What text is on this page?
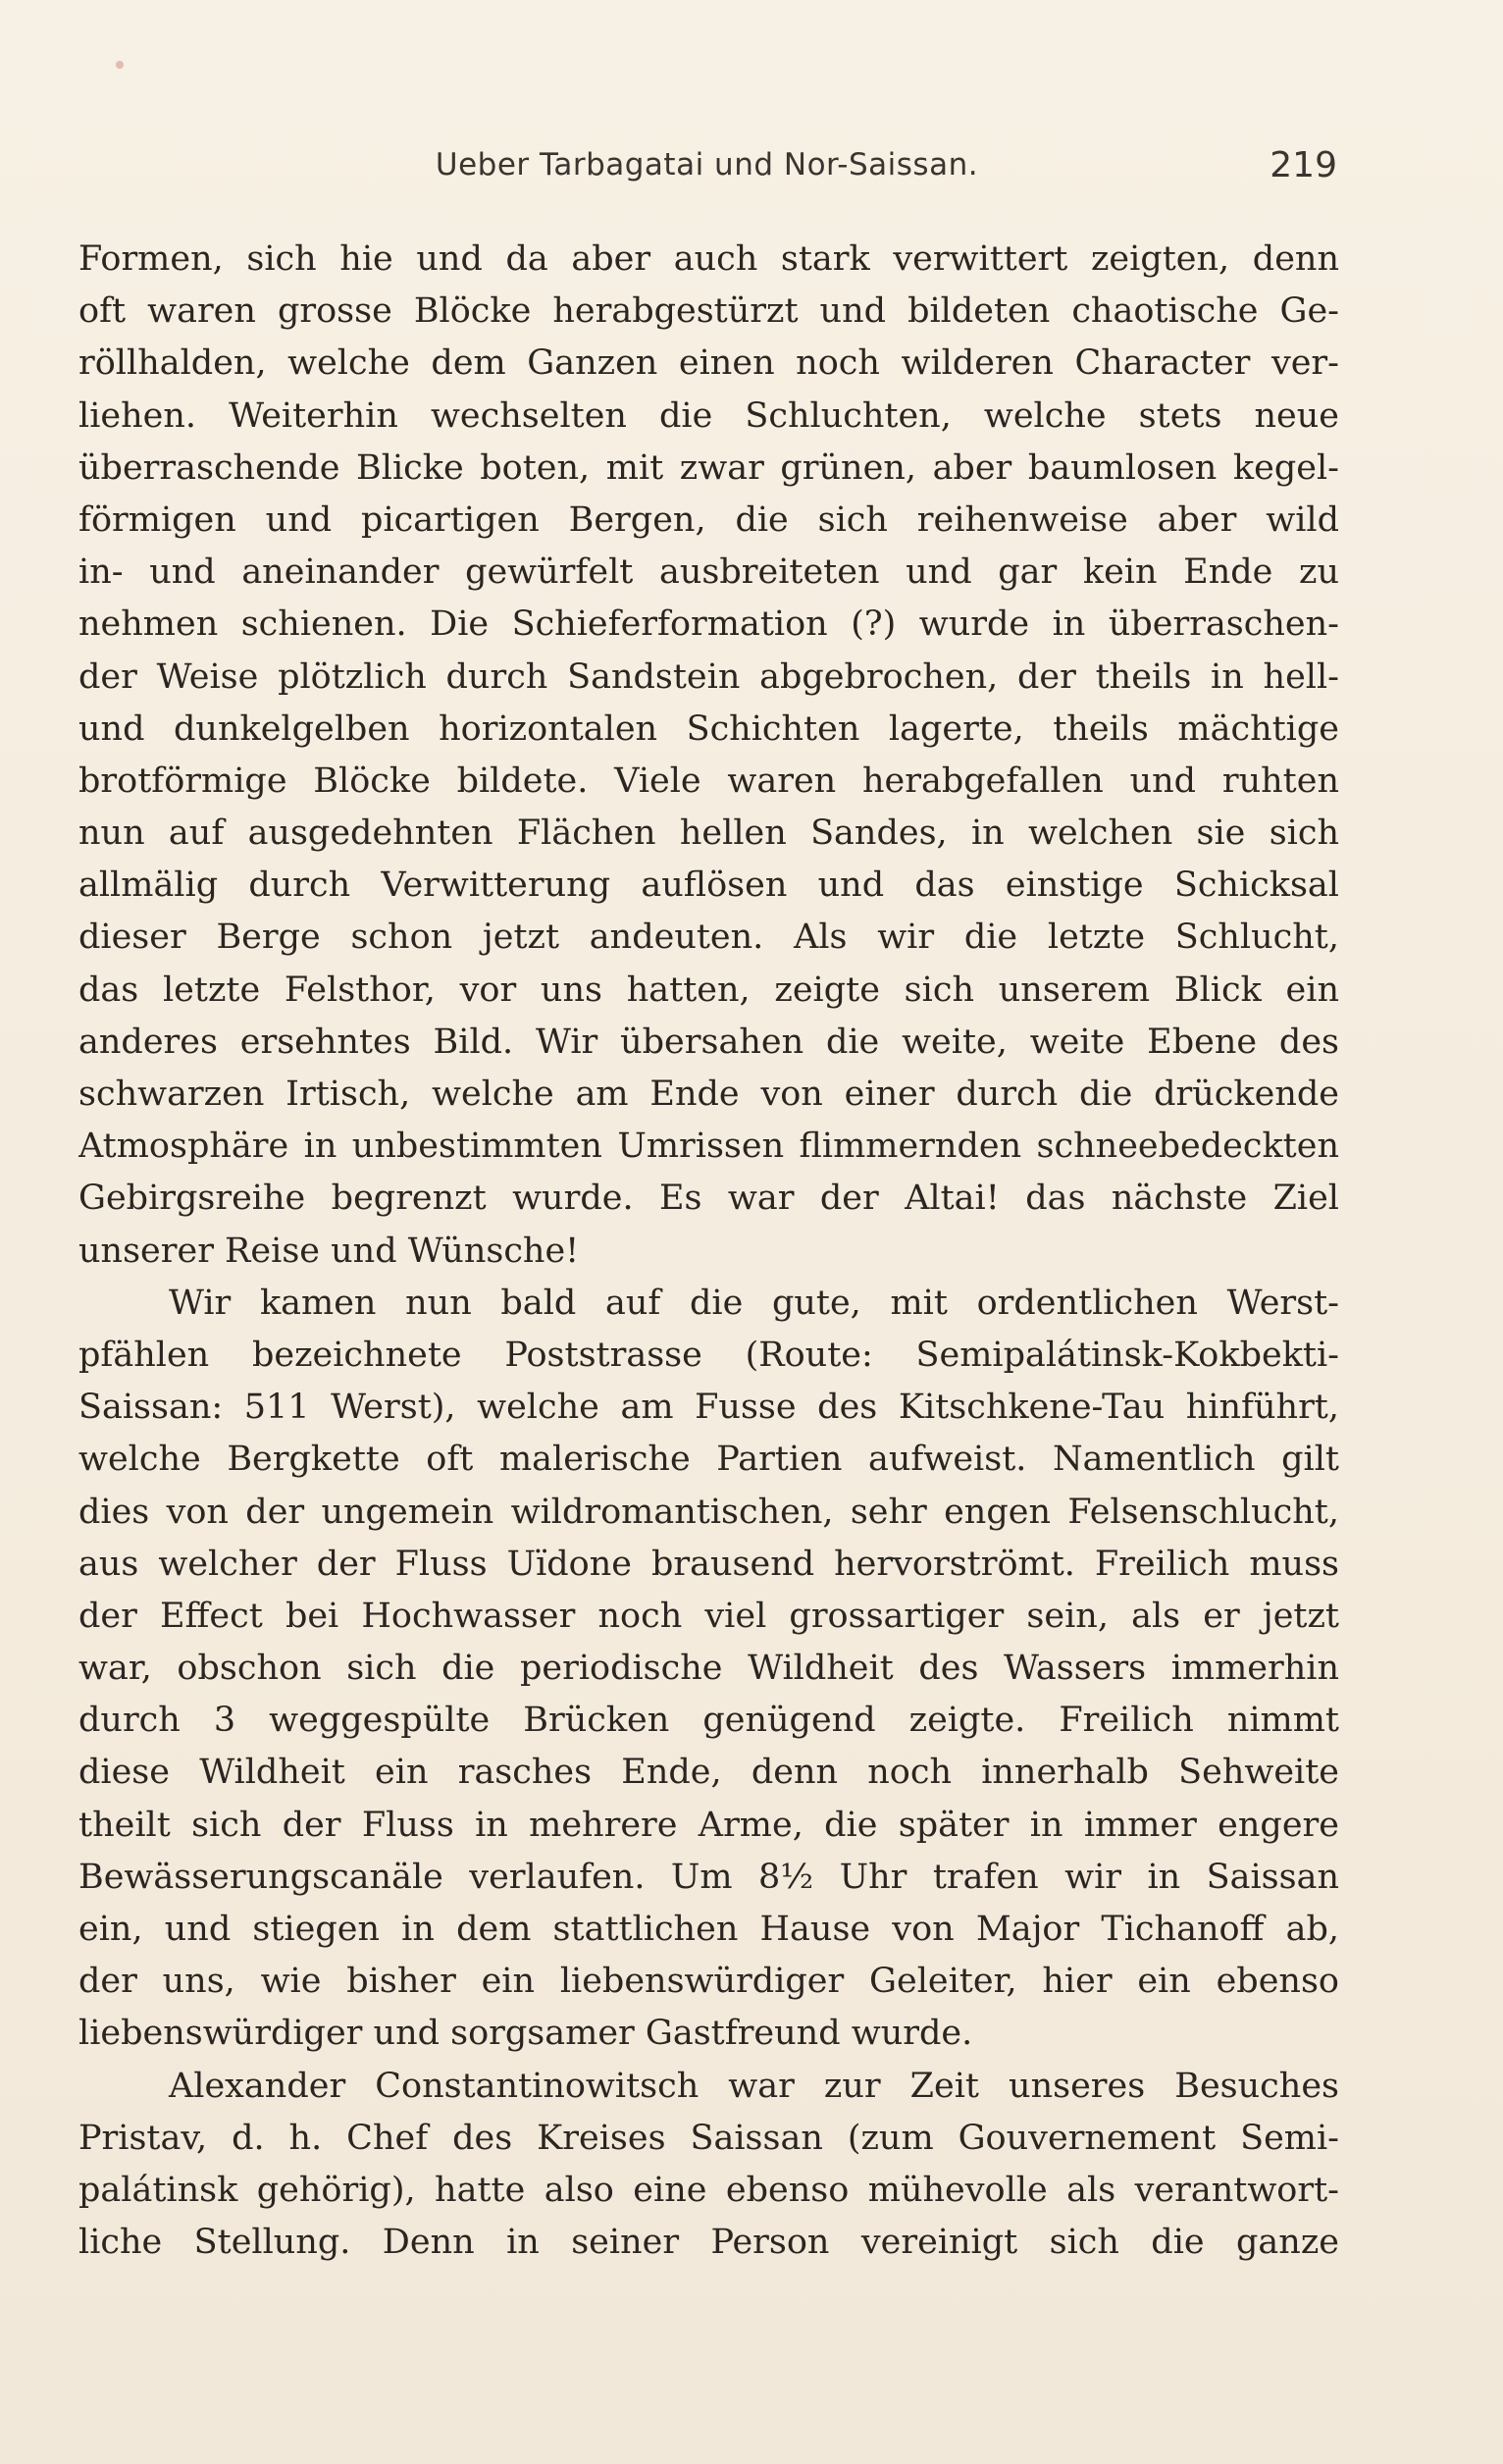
Ueber Tarbagatai und Nor-Saissan.	219
Formen, sich hie und da aber auch stark verwittert zeigten, denn
oft waren grosse Blöcke herabgestürzt und bildeten chaotische Ge-
röllhalden, welche dem Ganzen einen noch wilderen Character ver-
liehen. Weiterhin wechselten die Schluchten, welche stets neue
überraschende Blicke boten, mit zwar grünen, aber baumlosen kegel-
förmigen und picartigen Bergen, die sich reihenweise aber wild
in- und aneinander gewürfelt ausbreiteten und gar kein Ende zu
nehmen schienen. Die Schieferformation (?) wurde in überraschen-
der Weise plötzlich durch Sandstein abgebrochen, der theils in hell-
und dunkelgelben horizontalen Schichten lagerte, theils mächtige
brotförmige Blöcke bildete. Viele waren herabgefallen und ruhten
nun auf ausgedehnten Flächen hellen Sandes, in welchen sie sich
allmälig durch Verwitterung auflösen und das einstige Schicksal
dieser Berge schon jetzt andeuten. Als wir die letzte Schlucht,
das letzte Felsthor, vor uns hatten, zeigte sich unserem Blick ein
anderes ersehntes Bild. Wir übersahen die weite, weite Ebene des
schwarzen Irtisch, welche am Ende von einer durch die drückende
Atmosphäre in unbestimmten Umrissen flimmernden schneebedeckten
Gebirgsreihe begrenzt wurde. Es war der Altai! das nächste Ziel
unserer Reise und Wünsche!
Wir kamen nun bald auf die gute, mit ordentlichen Werst-
pfählen bezeichnete Poststrasse (Route: Semipalátinsk-Kokbekti-
Saissan: 511 Werst), welche am Fusse des Kitschkene-Tau hinführt,
welche Bergkette oft malerische Partien aufweist. Namentlich gilt
dies von der ungemein wildromantischen, sehr engen Felsenschlucht,
aus welcher der Fluss Uïdone brausend hervorströmt. Freilich muss
der Effect bei Hochwasser noch viel grossartiger sein, als er jetzt
war, obschon sich die periodische Wildheit des Wassers immerhin
durch 3 weggespülte Brücken genügend zeigte. Freilich nimmt
diese Wildheit ein rasches Ende, denn noch innerhalb Sehweite
theilt sich der Fluss in mehrere Arme, die später in immer engere
Bewässerungscanäle verlaufen. Um 8½ Uhr trafen wir in Saissan
ein, und stiegen in dem stattlichen Hause von Major Tichanoff ab,
der uns, wie bisher ein liebenswürdiger Geleiter, hier ein ebenso
liebenswürdiger und sorgsamer Gastfreund wurde.
Alexander Constantinowitsch war zur Zeit unseres Besuches
Pristav, d. h. Chef des Kreises Saissan (zum Gouvernement Semi-
palátinsk gehörig), hatte also eine ebenso mühevolle als verantwort-
liche Stellung. Denn in seiner Person vereinigt sich die ganze
